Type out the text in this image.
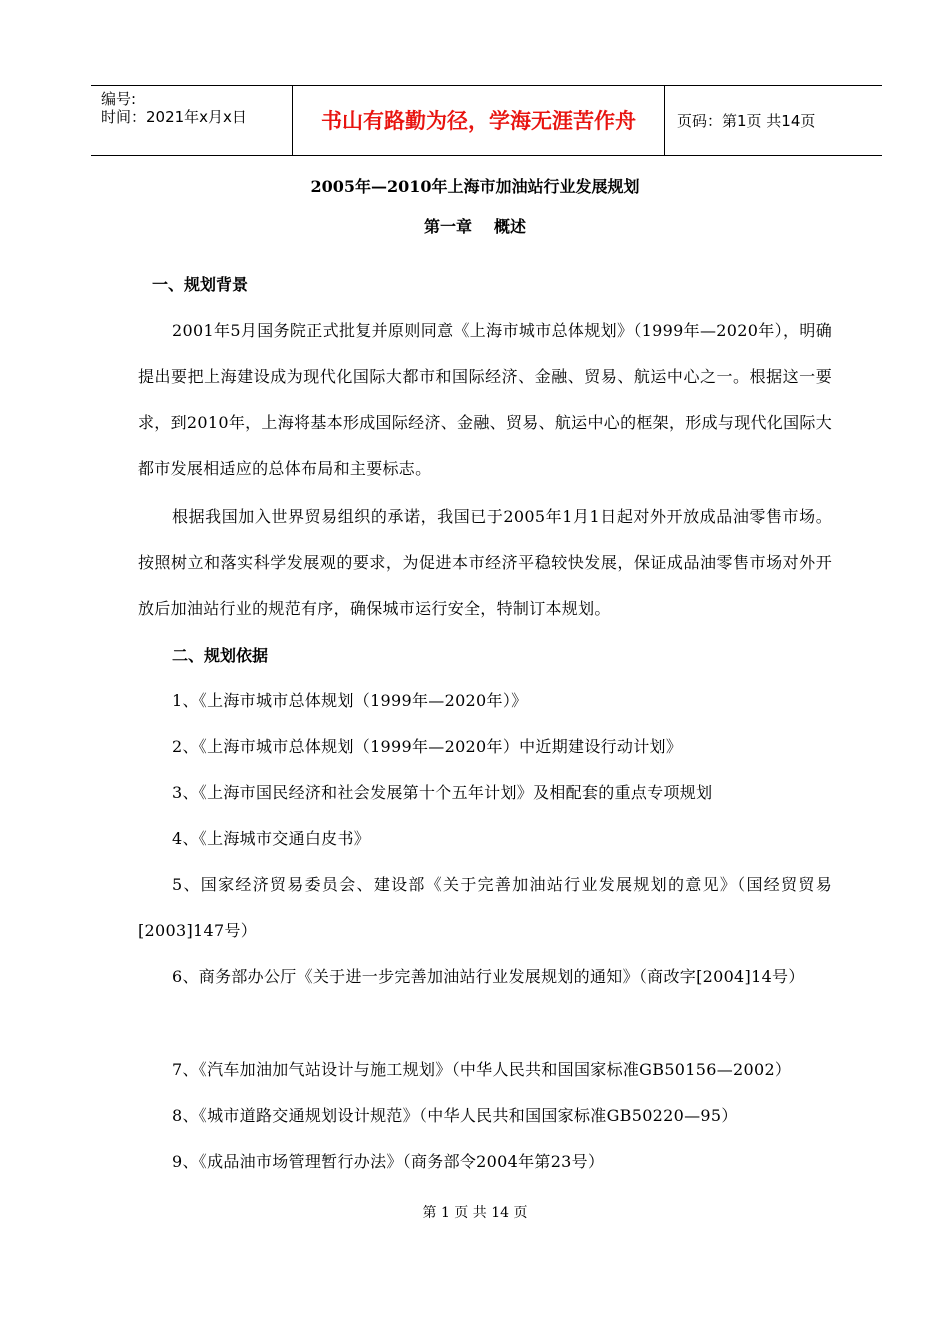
编号:
时间：2021年x月x日	书山有路勤为径，学海无涯苦作舟	页码：第1页 共14页
2005年—2010年上海市加油站行业发展规划
第一章 概述
一、规划背景
2001年5月国务院正式批复并原则同意《上海市城市总体规划》（1999年—2020年），明确提出要把上海建设成为现代化国际大都市和国际经济、金融、贸易、航运中心之一。根据这一要求，到2010年，上海将基本形成国际经济、金融、贸易、航运中心的框架，形成与现代化国际大都市发展相适应的总体布局和主要标志。
根据我国加入世界贸易组织的承诺，我国已于2005年1月1日起对外开放成品油零售市场。按照树立和落实科学发展观的要求，为促进本市经济平稳较快发展，保证成品油零售市场对外开放后加油站行业的规范有序，确保城市运行安全，特制订本规划。
二、规划依据
1、《上海市城市总体规划（1999年—2020年）》
2、《上海市城市总体规划（1999年—2020年）中近期建设行动计划》
3、《上海市国民经济和社会发展第十个五年计划》及相配套的重点专项规划
4、《上海城市交通白皮书》
5、国家经济贸易委员会、建设部《关于完善加油站行业发展规划的意见》（国经贸贸易[2003]147号）
6、商务部办公厅《关于进一步完善加油站行业发展规划的通知》（商改字[2004]14号）
7、《汽车加油加气站设计与施工规划》（中华人民共和国国家标准GB50156—2002）
8、《城市道路交通规划设计规范》（中华人民共和国国家标准GB50220—95）
9、《成品油市场管理暂行办法》（商务部令2004年第23号）
第 1 页 共 14 页
